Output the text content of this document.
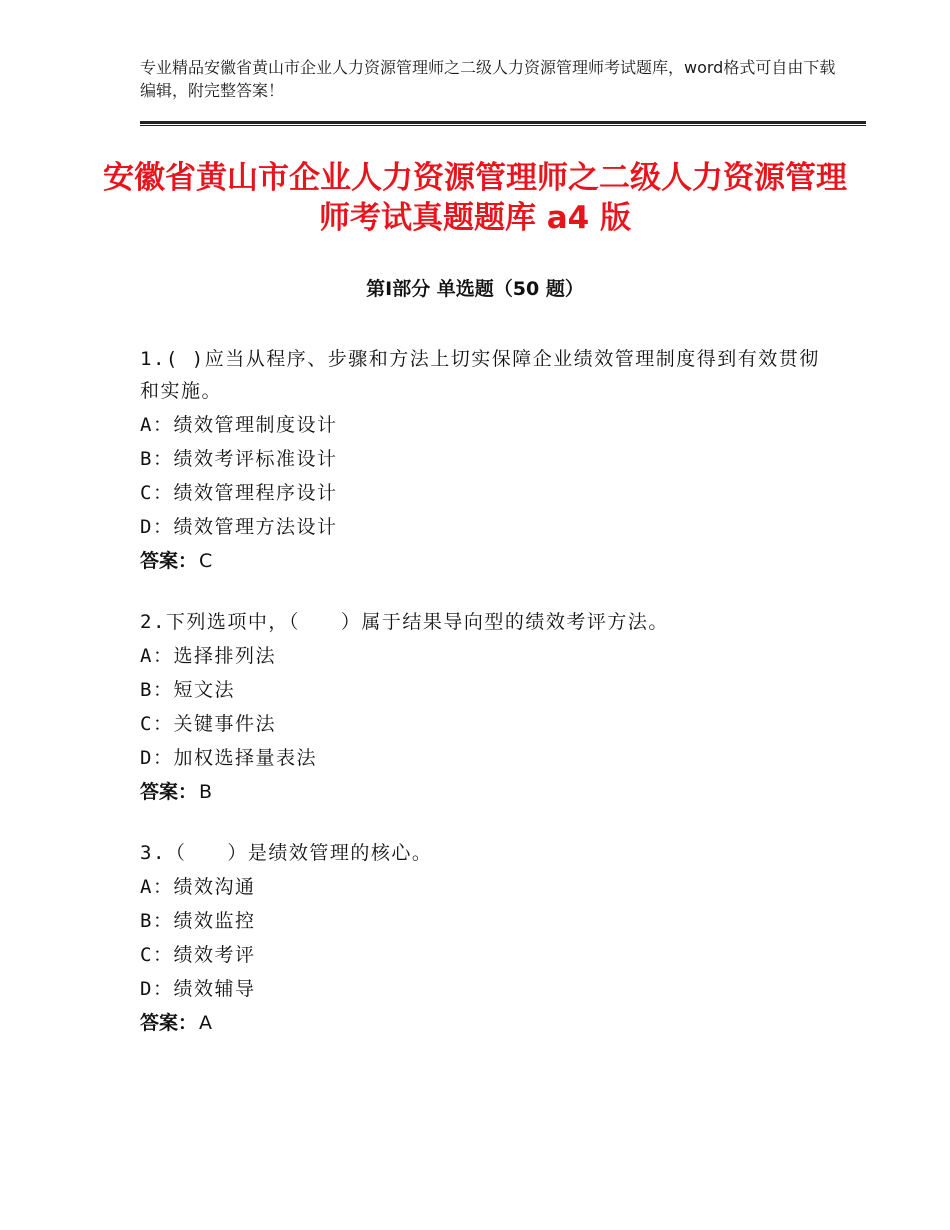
专业精品安徽省黄山市企业人力资源管理师之二级人力资源管理师考试题库，word格式可自由下载编辑，附完整答案！
安徽省黄山市企业人力资源管理师之二级人力资源管理师考试真题题库 a4 版
第Ⅰ部分 单选题（50 题）
1.( )应当从程序、步骤和方法上切实保障企业绩效管理制度得到有效贯彻和实施。
A：绩效管理制度设计
B：绩效考评标准设计
C：绩效管理程序设计
D：绩效管理方法设计
答案： C
2.下列选项中，（　　）属于结果导向型的绩效考评方法。
A：选择排列法
B：短文法
C：关键事件法
D：加权选择量表法
答案： B
3.（　　）是绩效管理的核心。
A：绩效沟通
B：绩效监控
C：绩效考评
D：绩效辅导
答案： A
